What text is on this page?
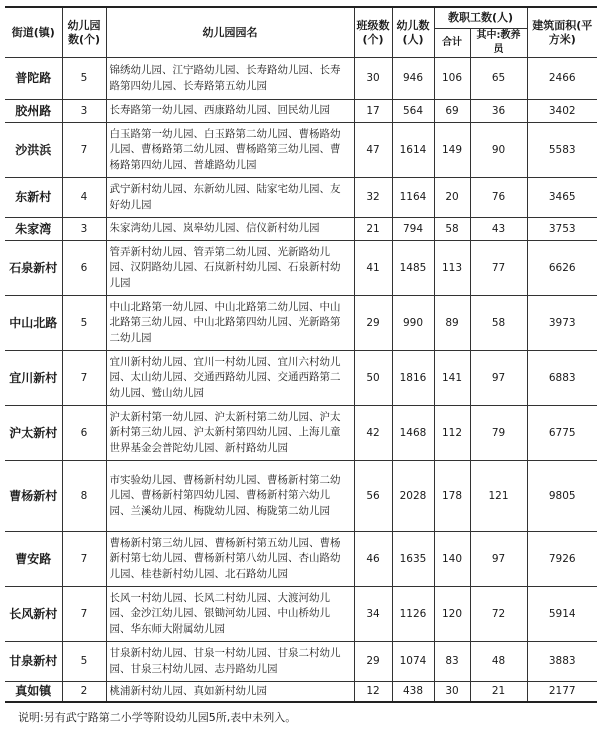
街道(镇)	幼儿园数(个)	幼儿园园名	班级数(个)	幼儿数(人)	教职工数(人)		建筑面积(平方米)
					合计	其中:教养员	
普陀路	5	锦绣幼儿园、江宁路幼儿园、长寿路幼儿园、长寿路第四幼儿园、长寿路第五幼儿园	30	946	106	65	2466
胶州路	3	长寿路第一幼儿园、西康路幼儿园、回民幼儿园	17	564	69	36	3402
沙洪浜	7	白玉路第一幼儿园、白玉路第二幼儿园、曹杨路幼儿园、曹杨路第二幼儿园、曹杨路第三幼儿园、曹杨路第四幼儿园、普雄路幼儿园	47	1614	149	90	5583
东新村	4	武宁新村幼儿园、东新幼儿园、陆家宅幼儿园、友好幼儿园	32	1164	20	76	3465
朱家湾	3	朱家湾幼儿园、岚皋幼儿园、信仪新村幼儿园	21	794	58	43	3753
石泉新村	6	管弄新村幼儿园、管弄第二幼儿园、光新路幼儿园、汉阴路幼儿园、石岚新村幼儿园、石泉新村幼儿园	41	1485	113	77	6626
中山北路	5	中山北路第一幼儿园、中山北路第二幼儿园、中山北路第三幼儿园、中山北路第四幼儿园、光新路第二幼儿园	29	990	89	58	3973
宜川新村	7	宜川新村幼儿园、宜川一村幼儿园、宜川六村幼儿园、太山幼儿园、交通西路幼儿园、交通西路第二幼儿园、鹫山幼儿园	50	1816	141	97	6883
沪太新村	6	沪太新村第一幼儿园、沪太新村第二幼儿园、沪太新村第三幼儿园、沪太新村第四幼儿园、上海儿童世界基金会普陀幼儿园、新村路幼儿园	42	1468	112	79	6775
曹杨新村	8	市实验幼儿园、曹杨新村幼儿园、曹杨新村第二幼儿园、曹杨新村第四幼儿园、曹杨新村第六幼儿园、兰溪幼儿园、梅陇幼儿园、梅陇第二幼儿园	56	2028	178	121	9805
曹安路	7	曹杨新村第三幼儿园、曹杨新村第五幼儿园、曹杨新村第七幼儿园、曹杨新村第八幼儿园、杏山路幼儿园、桂巷新村幼儿园、北石路幼儿园	46	1635	140	97	7926
长风新村	7	长风一村幼儿园、长风二村幼儿园、大渡河幼儿园、金沙江幼儿园、银锄河幼儿园、中山桥幼儿园、华东师大附属幼儿园	34	1126	120	72	5914
甘泉新村	5	甘泉新村幼儿园、甘泉一村幼儿园、甘泉二村幼儿园、甘泉三村幼儿园、志丹路幼儿园	29	1074	83	48	3883
真如镇	2	桃浦新村幼儿园、真如新村幼儿园	12	438	30	21	2177
说明:另有武宁路第二小学等附设幼儿园5所,表中未列入。
